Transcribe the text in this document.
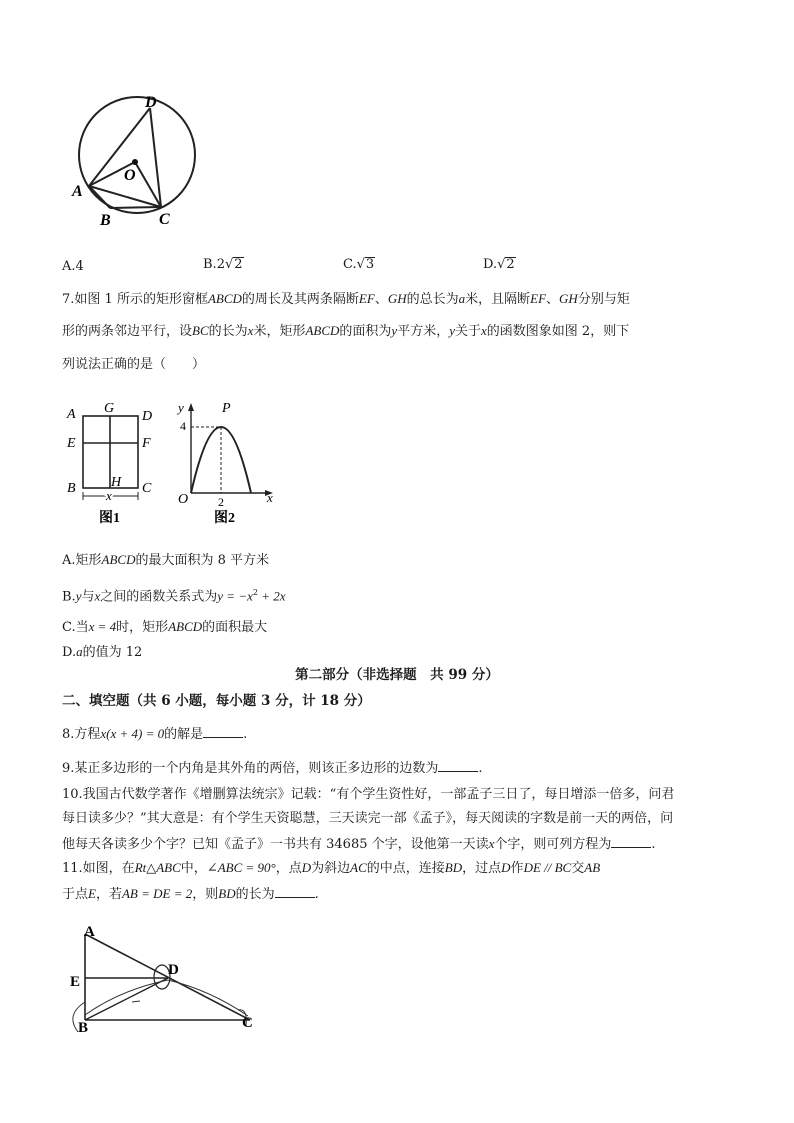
D
O
A
B	C
A.4	B.2√2	C.√3	D.√2
7.如图 1 所示的矩形窗框ABCD的周长及其两条隔断EF、GH的总长为a米，且隔断EF、GH分别与矩
形的两条邻边平行，设BC的长为x米，矩形ABCD的面积为y平方米，y关于x的函数图象如图 2，则下
列说法正确的是（　　）
A G
D
E	F
B	H C
x
图1
y	P
4
O 2	x
图2
A.矩形ABCD的最大面积为 8 平方米
B.y与x之间的函数关系式为$y = -x^2 + 2x$
C.当x = 4时，矩形ABCD的面积最大
D.a的值为 12
第二部分（非选择题　共 99 分）
二、填空题（共 6 小题，每小题 3 分，计 18 分）
8.方程x(x + 4) = 0的解是	.
9.某正多边形的一个内角是其外角的两倍，则该正多边形的边数为	.
10.我国古代数学著作《增删算法统宗》记载：“有个学生资性好，一部孟子三日了，每日增添一倍多，问君
每日读多少？”其大意是：有个学生天资聪慧，三天读完一部《孟子》，每天阅读的字数是前一天的两倍，问
他每天各读多少个字？已知《孟子》一书共有 34685 个字，设他第一天读x个字，则可列方程为	.
11.如图，在Rt△ABC中，∠ABC = 90°，点D为斜边AC的中点，连接BD，过点D作DE // BC交AB
于点E，若AB = DE = 2，则BD的长为	.
A
E
D
B	C
